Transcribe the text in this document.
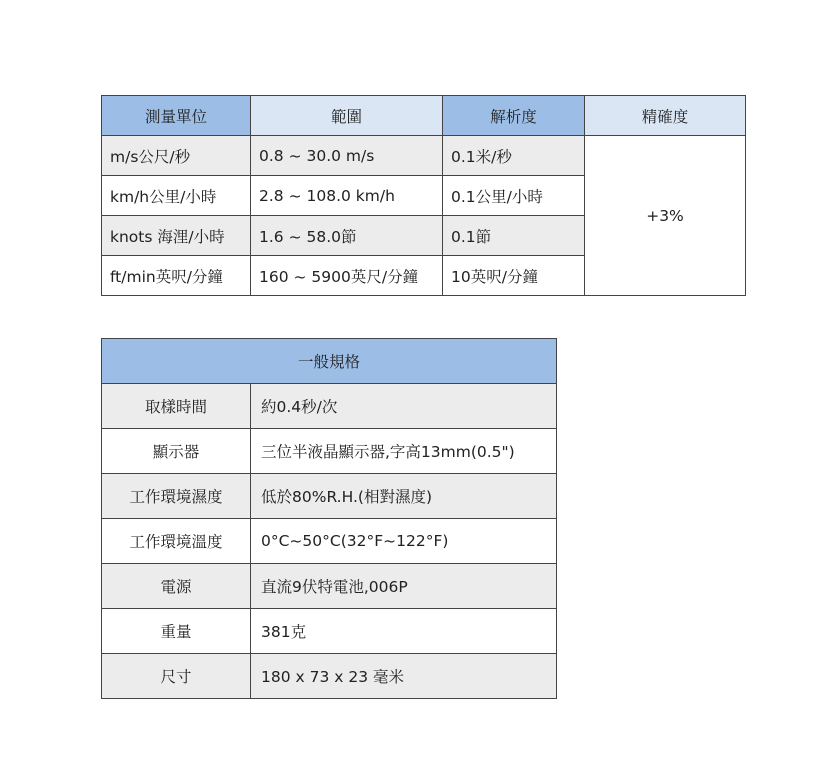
測量單位	範圍	解析度	精確度
m/s公尺/秒	0.8 ~ 30.0 m/s	0.1米/秒	+3%
km/h公里/小時	2.8 ~ 108.0 km/h	0.1公里/小時	
knots 海浬/小時	1.6 ~ 58.0節	0.1節	
ft/min英呎/分鐘	160 ~ 5900英尺/分鐘	10英呎/分鐘	
一般規格	
取樣時間	約0.4秒/次
顯示器	三位半液晶顯示器,字高13mm(0.5")
工作環境濕度	低於80%R.H.(相對濕度)
工作環境溫度	0°C~50°C(32°F~122°F)
電源	直流9伏特電池,006P
重量	381克
尺寸	180 x 73 x 23 毫米
